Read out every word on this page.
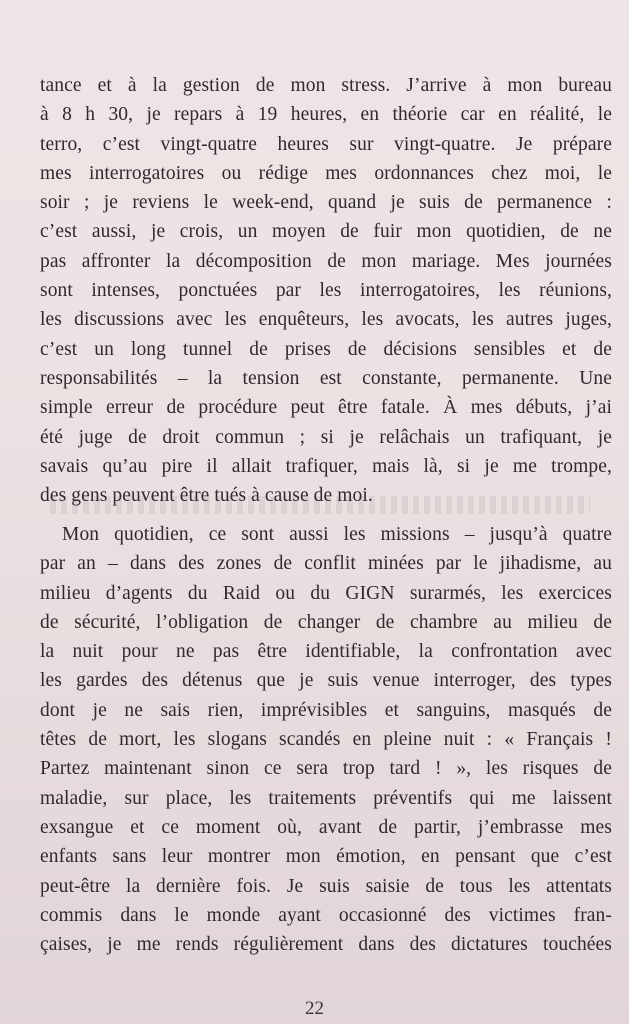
tance et à la gestion de mon stress. J’arrive à mon bureau
à 8 h 30, je repars à 19 heures, en théorie car en réalité, le
terro, c’est vingt-quatre heures sur vingt-quatre. Je prépare
mes interrogatoires ou rédige mes ordonnances chez moi, le
soir ; je reviens le week-end, quand je suis de permanence :
c’est aussi, je crois, un moyen de fuir mon quotidien, de ne
pas affronter la décomposition de mon mariage. Mes journées
sont intenses, ponctuées par les interrogatoires, les réunions,
les discussions avec les enquêteurs, les avocats, les autres juges,
c’est un long tunnel de prises de décisions sensibles et de
responsabilités – la tension est constante, permanente. Une
simple erreur de procédure peut être fatale. À mes débuts, j’ai
été juge de droit commun ; si je relâchais un trafiquant, je
savais qu’au pire il allait trafiquer, mais là, si je me trompe,
des gens peuvent être tués à cause de moi.
Mon quotidien, ce sont aussi les missions – jusqu’à quatre
par an – dans des zones de conflit minées par le jihadisme, au
milieu d’agents du Raid ou du GIGN surarmés, les exercices
de sécurité, l’obligation de changer de chambre au milieu de
la nuit pour ne pas être identifiable, la confrontation avec
les gardes des détenus que je suis venue interroger, des types
dont je ne sais rien, imprévisibles et sanguins, masqués de
têtes de mort, les slogans scandés en pleine nuit : « Français !
Partez maintenant sinon ce sera trop tard ! », les risques de
maladie, sur place, les traitements préventifs qui me laissent
exsangue et ce moment où, avant de partir, j’embrasse mes
enfants sans leur montrer mon émotion, en pensant que c’est
peut-être la dernière fois. Je suis saisie de tous les attentats
commis dans le monde ayant occasionné des victimes fran-
çaises, je me rends régulièrement dans des dictatures touchées
22
